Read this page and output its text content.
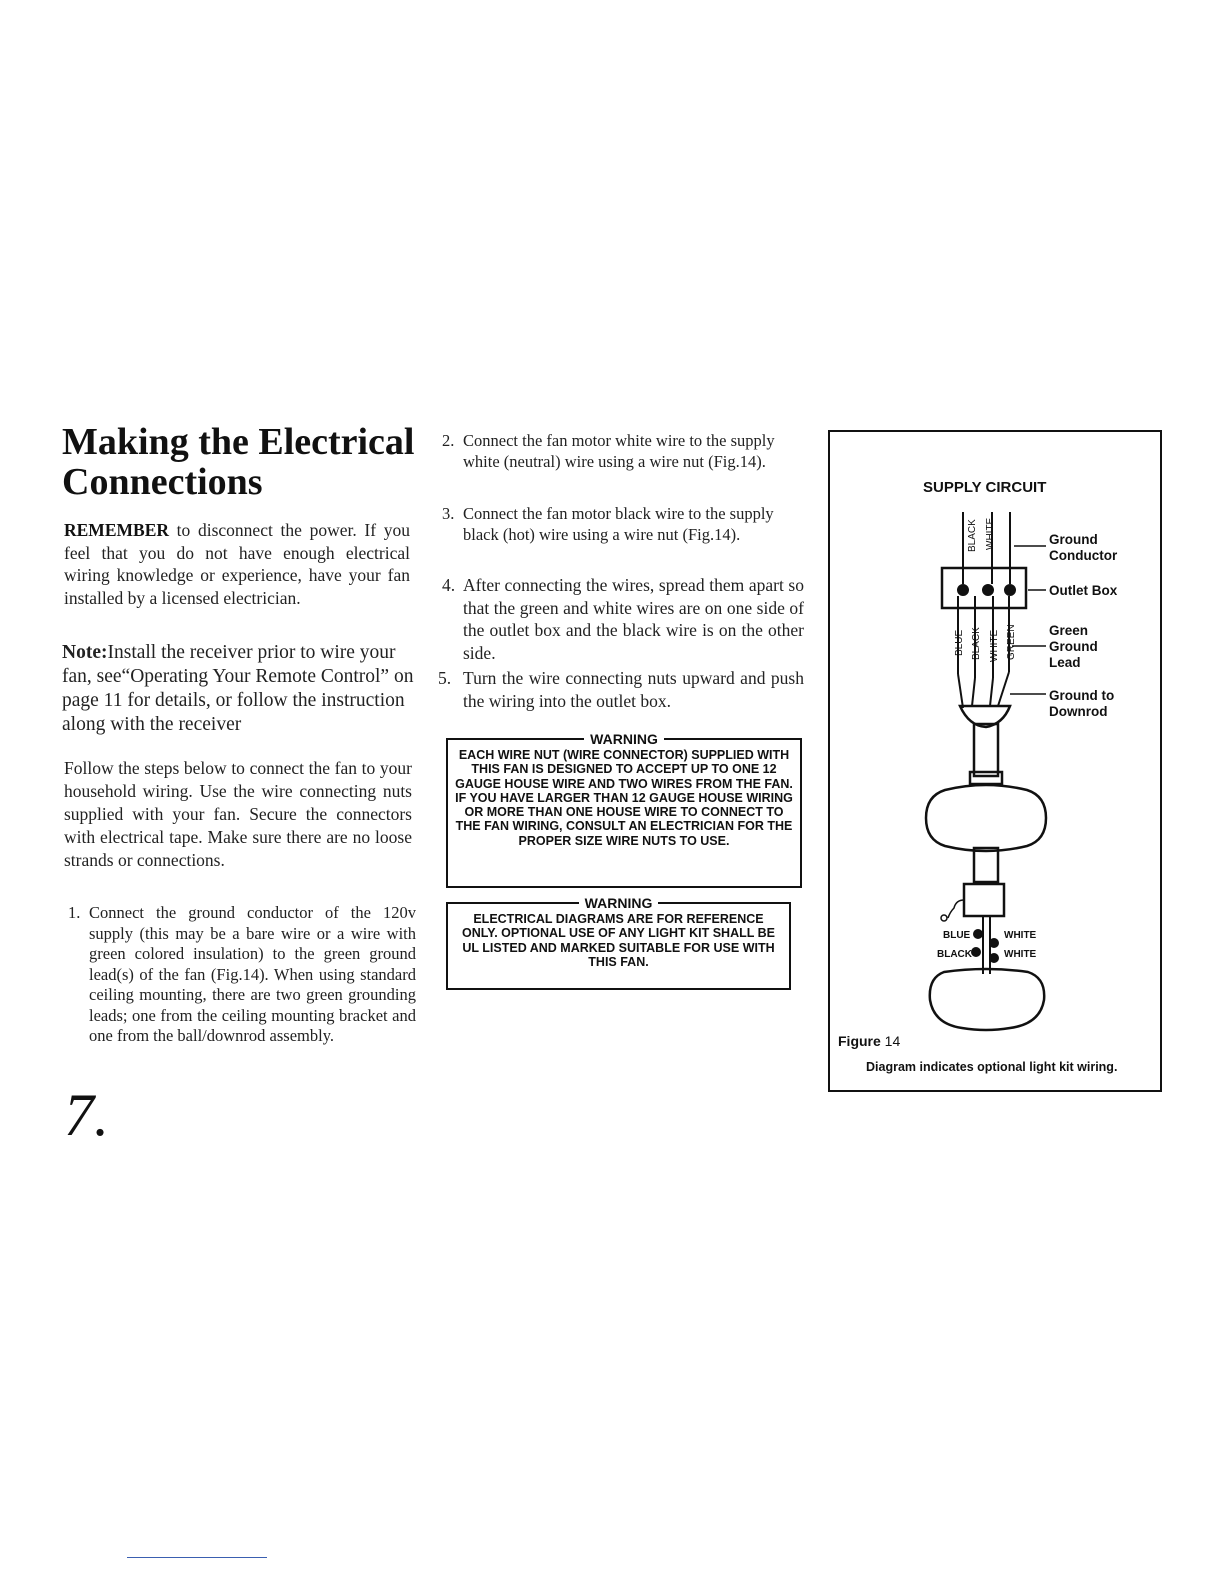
Making the Electrical
Connections

REMEMBER to disconnect the power. If you feel that you do not have enough electrical wiring knowledge or experience, have your fan installed by a licensed electrician.

Note:Install the receiver prior to wire your fan, see“Operating Your Remote Control” on page 11 for details, or follow the instruction along with the receiver

Follow the steps below to connect the fan to your household wiring. Use the wire connecting nuts supplied with your fan. Secure the connectors with electrical tape. Make sure there are no loose strands or connections.

1. Connect the ground conductor of the 120v supply (this may be a bare wire or a wire with green colored insulation) to the green ground lead(s) of the fan (Fig.14). When using standard ceiling mounting, there are two green grounding leads; one from the ceiling mounting bracket and one from the ball/downrod assembly.
2. Connect the fan motor white wire to the supply white (neutral) wire using a wire nut (Fig.14).
3. Connect the fan motor black wire to the supply black (hot) wire using a wire nut (Fig.14).
4. After connecting the wires, spread them apart so that the green and white wires are on one side of the outlet box and the black wire is on the other side.
5. Turn the wire connecting nuts upward and push the wiring into the outlet box.
WARNING
EACH WIRE NUT (WIRE CONNECTOR) SUPPLIED WITH THIS FAN IS DESIGNED TO ACCEPT UP TO ONE 12 GAUGE HOUSE WIRE AND TWO WIRES FROM THE FAN. IF YOU HAVE LARGER THAN 12 GAUGE HOUSE WIRING OR MORE THAN ONE HOUSE WIRE TO CONNECT TO THE FAN WIRING, CONSULT AN ELECTRICIAN FOR THE PROPER SIZE WIRE NUTS TO USE.
WARNING
ELECTRICAL DIAGRAMS ARE FOR REFERENCE ONLY. OPTIONAL USE OF ANY LIGHT KIT SHALL BE UL LISTED AND MARKED SUITABLE FOR USE WITH THIS FAN.
7.
SUPPLY CIRCUIT
BLACK WHITE
BLUE BLACK WHITE GREEN
Ground
Conductor
Outlet Box
Green
Ground
Lead
Ground to
Downrod
BLUE
BLACK
WHITE
WHITE
Figure 14
Diagram indicates optional light kit wiring.
